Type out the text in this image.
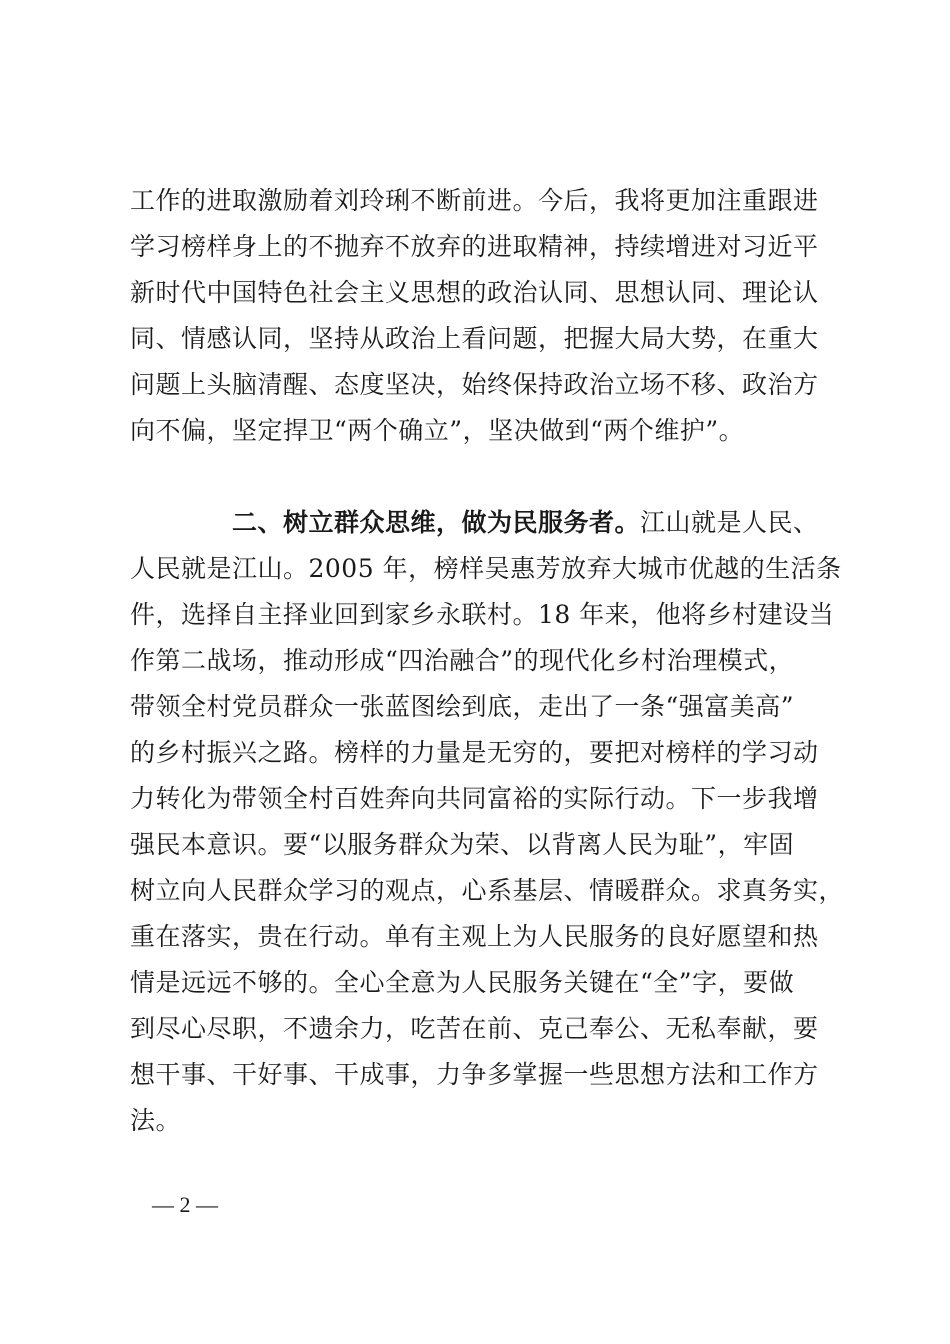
工作的进取激励着刘玲琍不断前进。今后，我将更加注重跟进
学习榜样身上的不抛弃不放弃的进取精神，持续增进对习近平
新时代中国特色社会主义思想的政治认同、思想认同、理论认
同、情感认同，坚持从政治上看问题，把握大局大势，在重大
问题上头脑清醒、态度坚决，始终保持政治立场不移、政治方
向不偏，坚定捍卫“两个确立”，坚决做到“两个维护”。
二、树立群众思维，做为民服务者。江山就是人民、
人民就是江山。2005 年，榜样吴惠芳放弃大城市优越的生活条
件，选择自主择业回到家乡永联村。18 年来，他将乡村建设当
作第二战场，推动形成“四治融合”的现代化乡村治理模式，
带领全村党员群众一张蓝图绘到底，走出了一条“强富美高”
的乡村振兴之路。榜样的力量是无穷的，要把对榜样的学习动
力转化为带领全村百姓奔向共同富裕的实际行动。下一步我增
强民本意识。要“以服务群众为荣、以背离人民为耻”，牢固
树立向人民群众学习的观点，心系基层、情暖群众。求真务实，
重在落实，贵在行动。单有主观上为人民服务的良好愿望和热
情是远远不够的。全心全意为人民服务关键在“全”字，要做
到尽心尽职，不遗余力，吃苦在前、克己奉公、无私奉献，要
想干事、干好事、干成事，力争多掌握一些思想方法和工作方
法。
— 2 —
